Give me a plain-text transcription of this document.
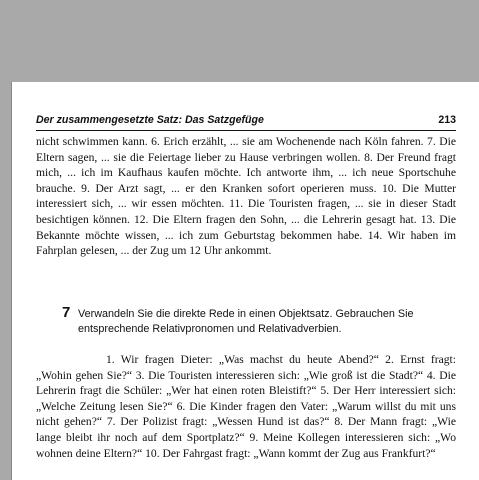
Der zusammengesetzte Satz: Das Satzgefüge	213

nicht schwimmen kann. 6. Erich erzählt, ... sie am Wochenende nach Köln fahren. 7. Die Eltern sagen, ... sie die Feiertage lieber zu Hause verbringen wollen. 8. Der Freund fragt mich, ... ich im Kaufhaus kaufen möchte. Ich antworte ihm, ... ich neue Sportschuhe brauche. 9. Der Arzt sagt, ... er den Kranken sofort operieren muss. 10. Die Mutter interessiert sich, ... wir essen möchten. 11. Die Touristen fragen, ... sie in dieser Stadt besichtigen können. 12. Die Eltern fragen den Sohn, ... die Lehrerin gesagt hat. 13. Die Bekannte möchte wissen, ... ich zum Geburtstag bekommen habe. 14. Wir haben im Fahrplan gelesen, ... der Zug um 12 Uhr ankommt.

7 Verwandeln Sie die direkte Rede in einen Objektsatz. Gebrauchen Sie entsprechende Relativpronomen und Relativadverbien.

1. Wir fragen Dieter: „Was machst du heute Abend?“ 2. Ernst fragt: „Wohin gehen Sie?“ 3. Die Touristen interessieren sich: „Wie groß ist die Stadt?“ 4. Die Lehrerin fragt die Schüler: „Wer hat einen roten Bleistift?“ 5. Der Herr interessiert sich: „Welche Zeitung lesen Sie?“ 6. Die Kinder fragen den Vater: „Warum willst du mit uns nicht gehen?“ 7. Der Polizist fragt: „Wessen Hund ist das?“ 8. Der Mann fragt: „Wie lange bleibt ihr noch auf dem Sportplatz?“ 9. Meine Kollegen interessieren sich: „Wo wohnen deine Eltern?“ 10. Der Fahrgast fragt: „Wann kommt der Zug aus Frankfurt?“
